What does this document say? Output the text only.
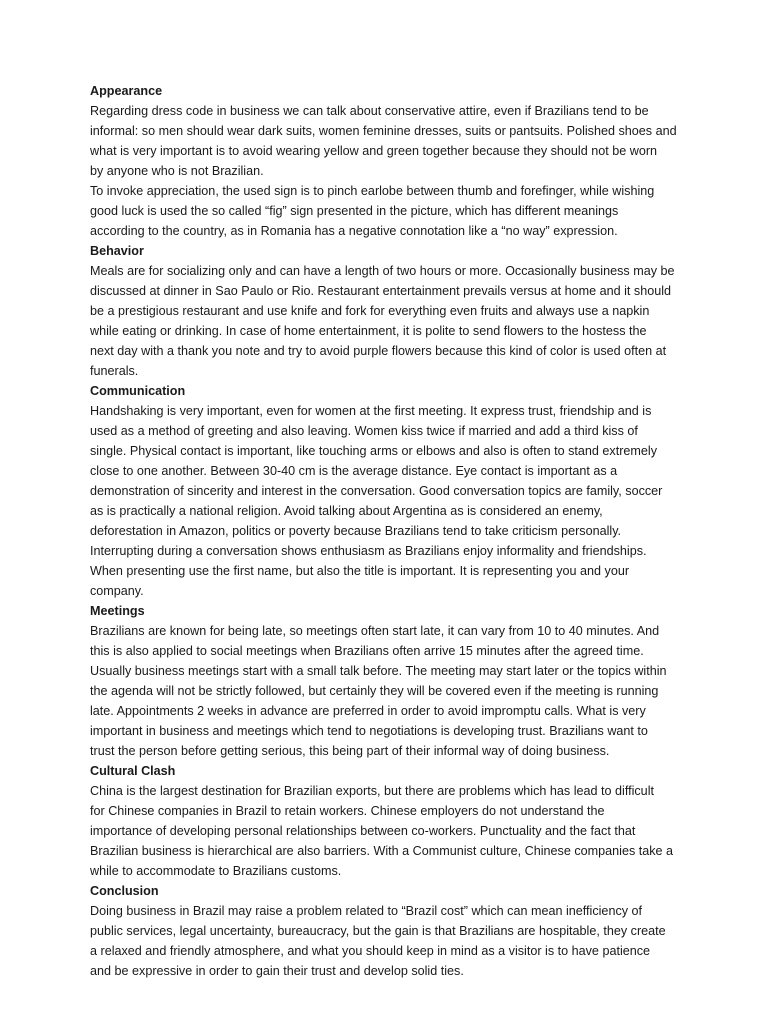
Appearance

Regarding dress code in business we can talk about conservative attire, even if Brazilians tend to be
informal: so men should wear dark suits, women feminine dresses, suits or pantsuits. Polished shoes and
what is very important is to avoid wearing yellow and green together because they should not be worn
by anyone who is not Brazilian.

To invoke appreciation, the used sign is to pinch earlobe between thumb and forefinger, while wishing
good luck is used the so called “fig” sign presented in the picture, which has different meanings
according to the country, as in Romania has a negative connotation like a “no way” expression.

Behavior

Meals are for socializing only and can have a length of two hours or more. Occasionally business may be
discussed at dinner in Sao Paulo or Rio. Restaurant entertainment prevails versus at home and it should
be a prestigious restaurant and use knife and fork for everything even fruits and always use a napkin
while eating or drinking. In case of home entertainment, it is polite to send flowers to the hostess the
next day with a thank you note and try to avoid purple flowers because this kind of color is used often at
funerals.

Communication

Handshaking is very important, even for women at the first meeting. It express trust, friendship and is
used as a method of greeting and also leaving. Women kiss twice if married and add a third kiss of
single. Physical contact is important, like touching arms or elbows and also is often to stand extremely
close to one another. Between 30-40 cm is the average distance. Eye contact is important as a
demonstration of sincerity and interest in the conversation. Good conversation topics are family, soccer
as is practically a national religion. Avoid talking about Argentina as is considered an enemy,
deforestation in Amazon, politics or poverty because Brazilians tend to take criticism personally.
Interrupting during a conversation shows enthusiasm as Brazilians enjoy informality and friendships.
When presenting use the first name, but also the title is important. It is representing you and your
company.

Meetings

Brazilians are known for being late, so meetings often start late, it can vary from 10 to 40 minutes. And
this is also applied to social meetings when Brazilians often arrive 15 minutes after the agreed time.
Usually business meetings start with a small talk before. The meeting may start later or the topics within
the agenda will not be strictly followed, but certainly they will be covered even if the meeting is running
late. Appointments 2 weeks in advance are preferred in order to avoid impromptu calls. What is very
important in business and meetings which tend to negotiations is developing trust. Brazilians want to
trust the person before getting serious, this being part of their informal way of doing business.

Cultural Clash

China is the largest destination for Brazilian exports, but there are problems which has lead to difficult
for Chinese companies in Brazil to retain workers. Chinese employers do not understand the
importance of developing personal relationships between co-workers. Punctuality and the fact that
Brazilian business is hierarchical are also barriers. With a Communist culture, Chinese companies take a
while to accommodate to Brazilians customs.

Conclusion

Doing business in Brazil may raise a problem related to “Brazil cost” which can mean inefficiency of
public services, legal uncertainty, bureaucracy, but the gain is that Brazilians are hospitable, they create
a relaxed and friendly atmosphere, and what you should keep in mind as a visitor is to have patience
and be expressive in order to gain their trust and develop solid ties.
